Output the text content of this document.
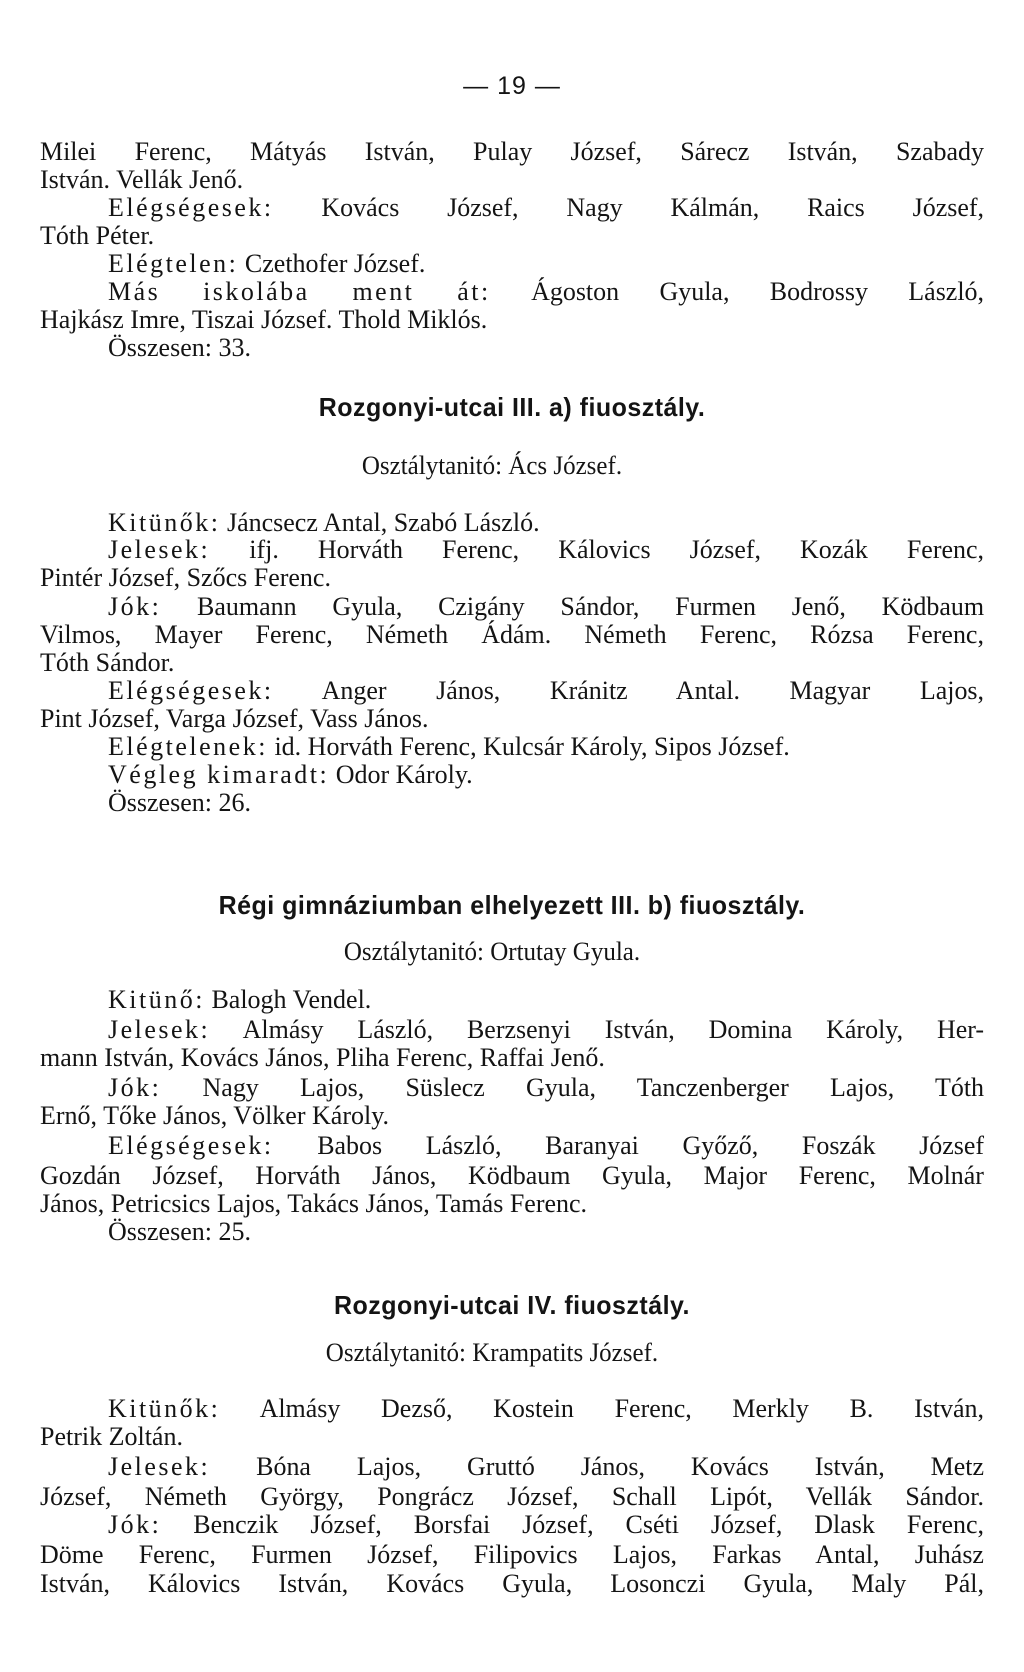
— 19 —
Milei Ferenc, Mátyás István, Pulay József, Sárecz István, Szabady
István. Vellák Jenő.
Elégségesek: Kovács József, Nagy Kálmán, Raics József,
Tóth Péter.
Elégtelen: Czethofer József.
Más iskolába ment át: Ágoston Gyula, Bodrossy László,
Hajkász Imre, Tiszai József. Thold Miklós.
Összesen: 33.
Rozgonyi-utcai III. a) fiuosztály.
Osztálytanitó: Ács József.
Kitünők: Jáncsecz Antal, Szabó László.
Jelesek: ifj. Horváth Ferenc, Kálovics József, Kozák Ferenc,
Pintér József, Szőcs Ferenc.
Jók: Baumann Gyula, Czigány Sándor, Furmen Jenő, Ködbaum
Vilmos, Mayer Ferenc, Németh Ádám. Németh Ferenc, Rózsa Ferenc,
Tóth Sándor.
Elégségesek: Anger János, Kránitz Antal. Magyar Lajos,
Pint József, Varga József, Vass János.
Elégtelenek: id. Horváth Ferenc, Kulcsár Károly, Sipos József.
Végleg kimaradt: Odor Károly.
Összesen: 26.
Régi gimnáziumban elhelyezett III. b) fiuosztály.
Osztálytanitó: Ortutay Gyula.
Kitünő: Balogh Vendel.
Jelesek: Almásy László, Berzsenyi István, Domina Károly, Her-
mann István, Kovács János, Pliha Ferenc, Raffai Jenő.
Jók: Nagy Lajos, Süslecz Gyula, Tanczenberger Lajos, Tóth
Ernő, Tőke János, Völker Károly.
Elégségesek: Babos László, Baranyai Győző, Foszák József
Gozdán József, Horváth János, Ködbaum Gyula, Major Ferenc, Molnár
János, Petricsics Lajos, Takács János, Tamás Ferenc.
Összesen: 25.
Rozgonyi-utcai IV. fiuosztály.
Osztálytanitó: Krampatits József.
Kitünők: Almásy Dezső, Kostein Ferenc, Merkly B. István,
Petrik Zoltán.
Jelesek: Bóna Lajos, Gruttó János, Kovács István, Metz
József, Németh György, Pongrácz József, Schall Lipót, Vellák Sándor.
Jók: Benczik József, Borsfai József, Cséti József, Dlask Ferenc,
Döme Ferenc, Furmen József, Filipovics Lajos, Farkas Antal, Juhász
István, Kálovics István, Kovács Gyula, Losonczi Gyula, Maly Pál,
